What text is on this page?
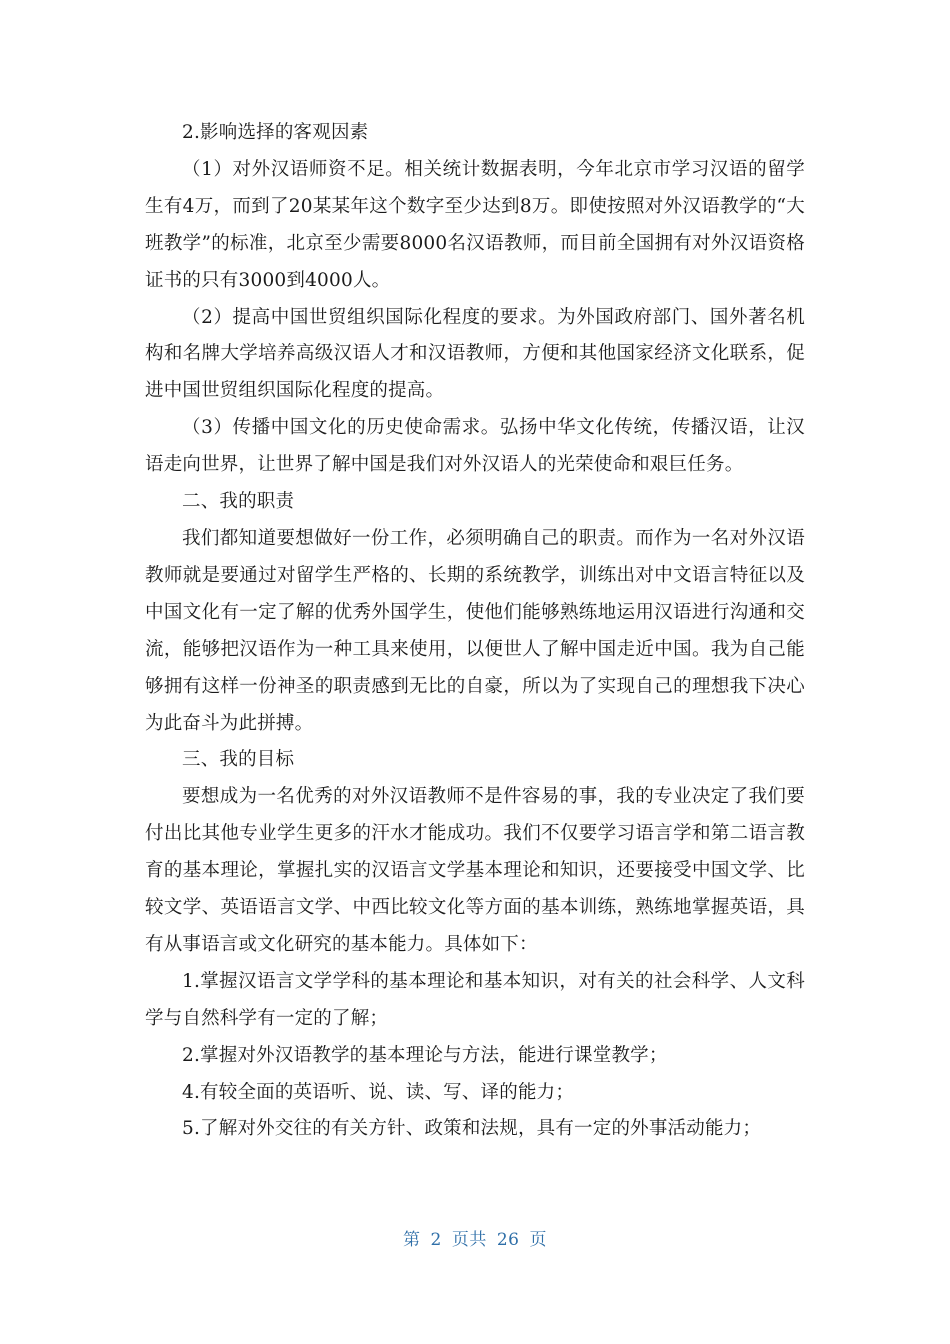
2.影响选择的客观因素

（1）对外汉语师资不足。相关统计数据表明，今年北京市学习汉语的留学生有4万，而到了20某某年这个数字至少达到8万。即使按照对外汉语教学的“大班教学”的标准，北京至少需要8000名汉语教师，而目前全国拥有对外汉语资格证书的只有3000到4000人。

（2）提高中国世贸组织国际化程度的要求。为外国政府部门、国外著名机构和名牌大学培养高级汉语人才和汉语教师，方便和其他国家经济文化联系，促进中国世贸组织国际化程度的提高。

（3）传播中国文化的历史使命需求。弘扬中华文化传统，传播汉语，让汉语走向世界，让世界了解中国是我们对外汉语人的光荣使命和艰巨任务。

二、我的职责

我们都知道要想做好一份工作，必须明确自己的职责。而作为一名对外汉语教师就是要通过对留学生严格的、长期的系统教学，训练出对中文语言特征以及中国文化有一定了解的优秀外国学生，使他们能够熟练地运用汉语进行沟通和交流，能够把汉语作为一种工具来使用，以便世人了解中国走近中国。我为自己能够拥有这样一份神圣的职责感到无比的自豪，所以为了实现自己的理想我下决心为此奋斗为此拼搏。

三、我的目标

要想成为一名优秀的对外汉语教师不是件容易的事，我的专业决定了我们要付出比其他专业学生更多的汗水才能成功。我们不仅要学习语言学和第二语言教育的基本理论，掌握扎实的汉语言文学基本理论和知识，还要接受中国文学、比较文学、英语语言文学、中西比较文化等方面的基本训练，熟练地掌握英语，具有从事语言或文化研究的基本能力。具体如下：

1.掌握汉语言文学学科的基本理论和基本知识，对有关的社会科学、人文科学与自然科学有一定的了解；

2.掌握对外汉语教学的基本理论与方法，能进行课堂教学；

4.有较全面的英语听、说、读、写、译的能力；

5.了解对外交往的有关方针、政策和法规，具有一定的外事活动能力；

第 2 页共 26 页
